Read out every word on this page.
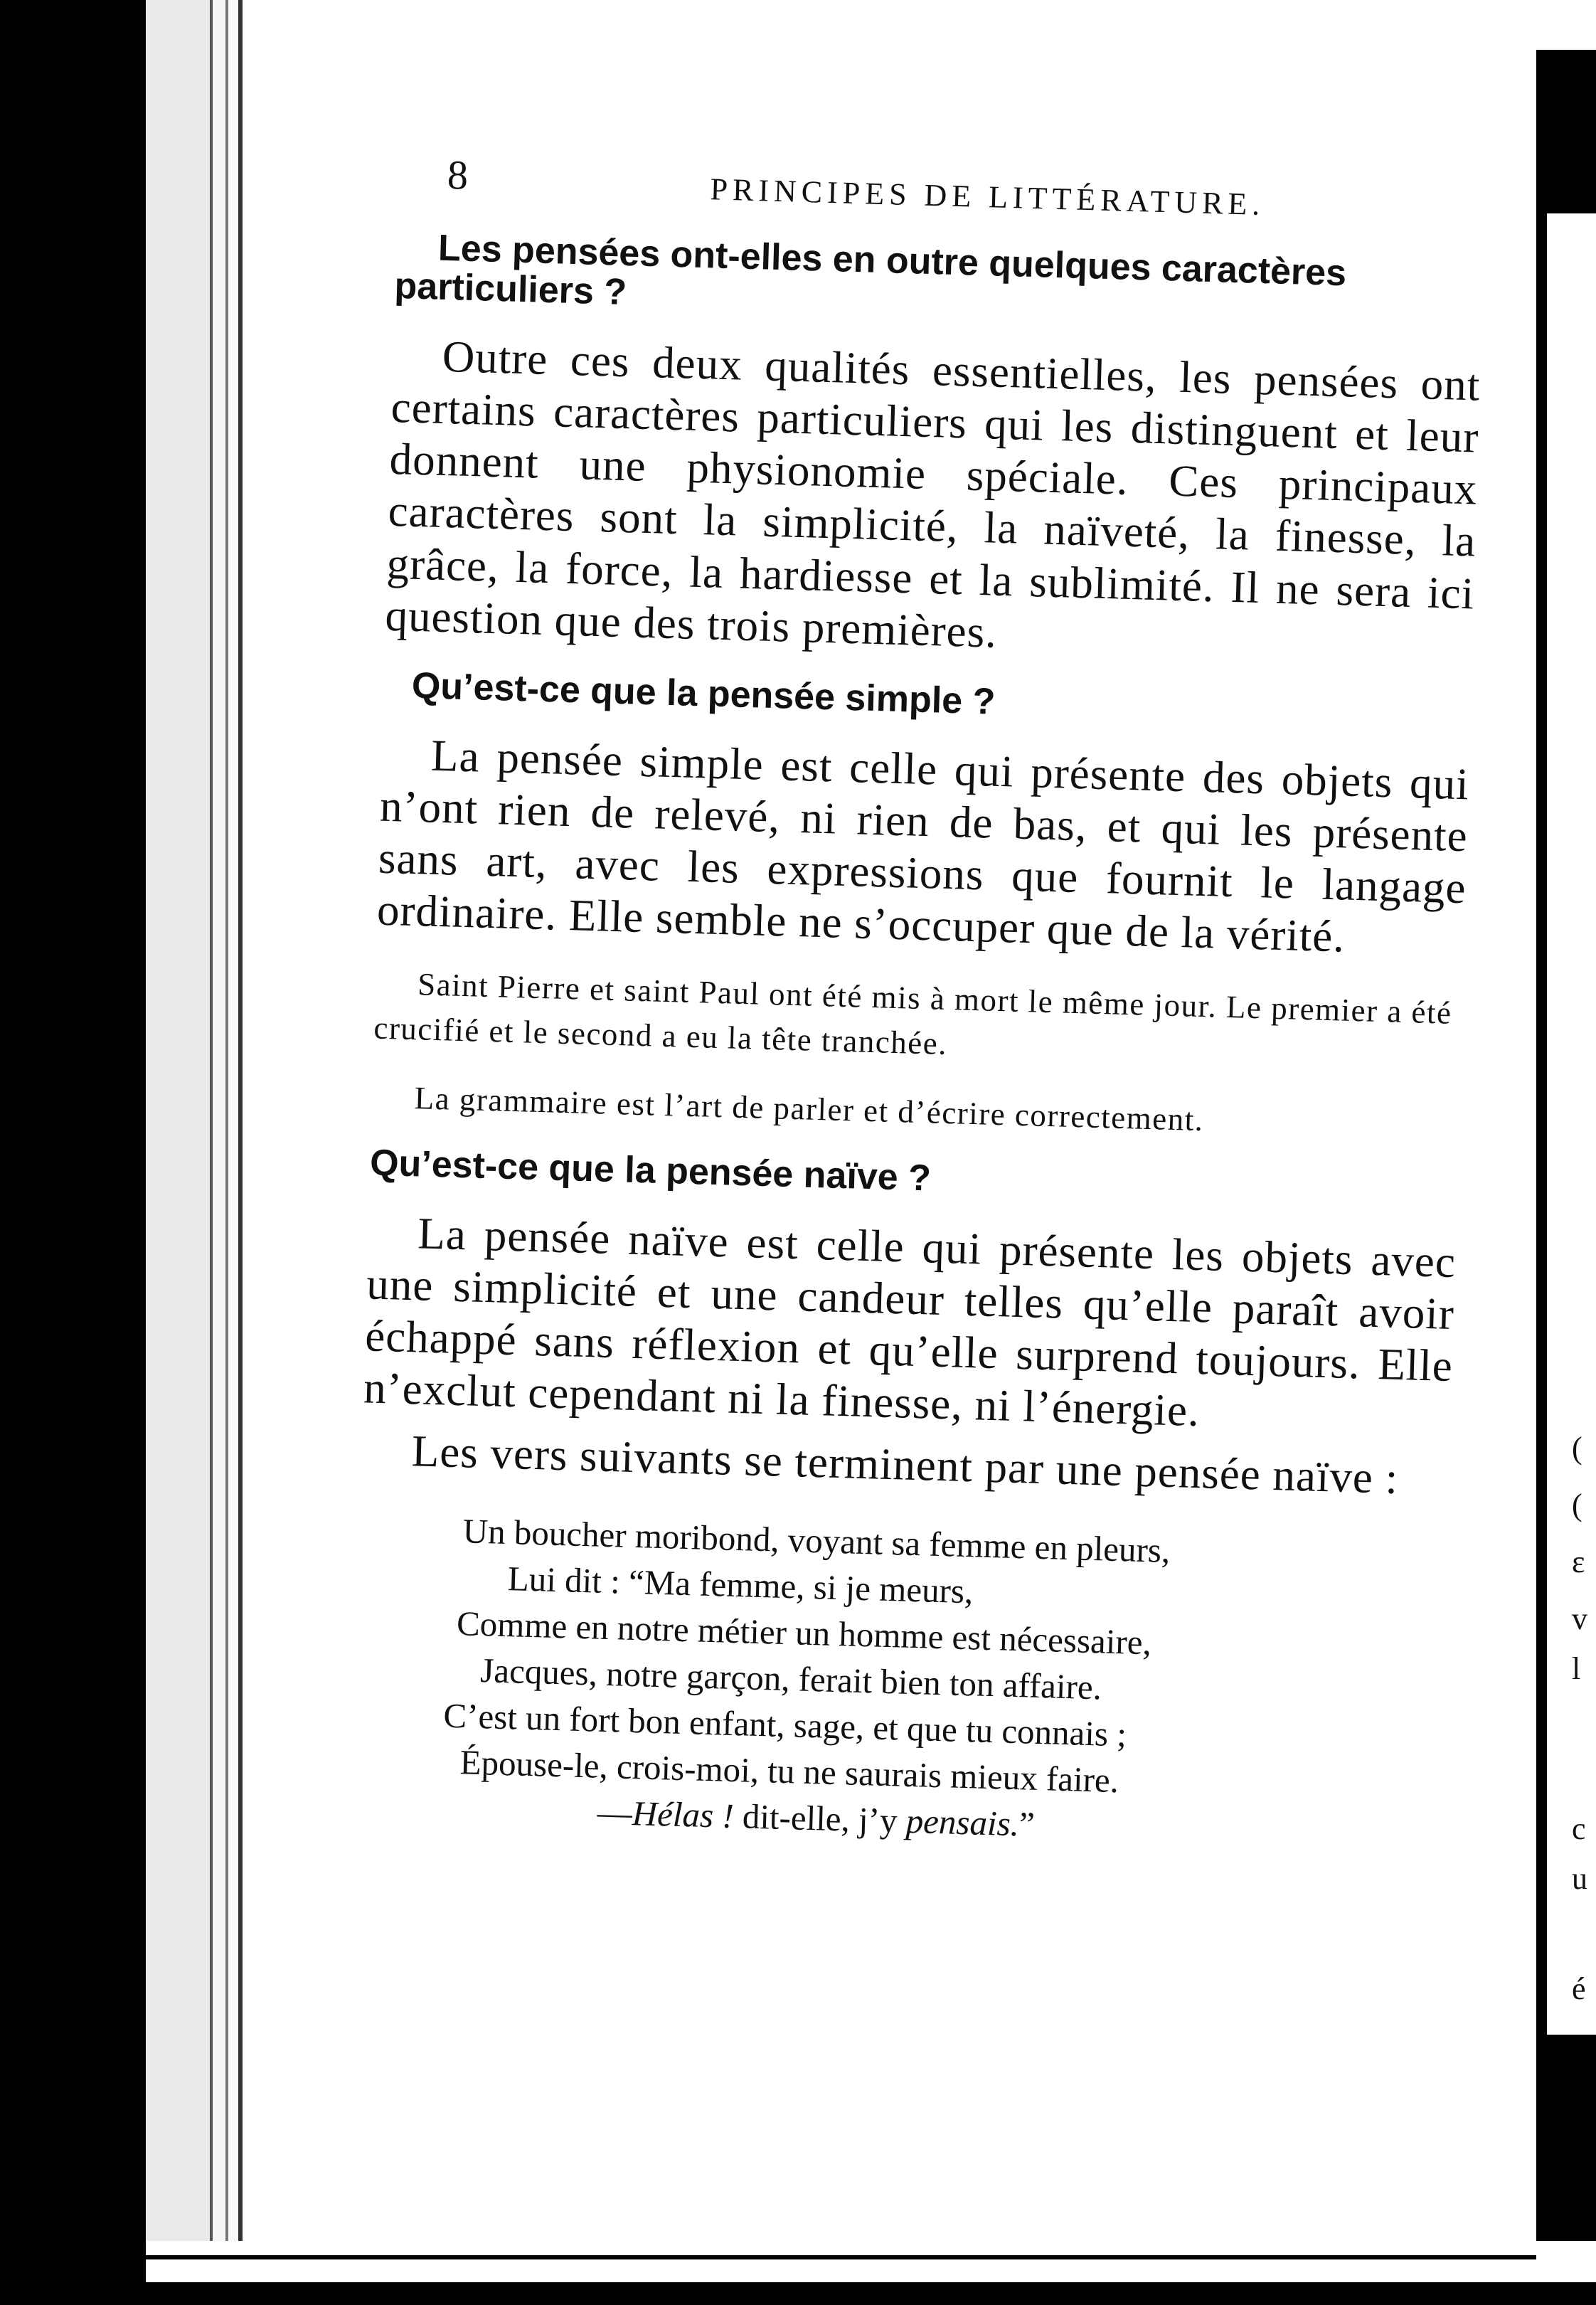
(
(
ε
v
l
c
u
é
8	PRINCIPES DE LITTÉRATURE.
Les pensées ont-elles en outre quelques caractères particuliers ?

Outre ces deux qualités essentielles, les pensées ont certains caractères particuliers qui les distinguent et leur donnent une physionomie spéciale. Ces principaux caractères sont la simplicité, la naïveté, la finesse, la grâce, la force, la hardiesse et la sublimité. Il ne sera ici question que des trois premières.

Qu’est-ce que la pensée simple ?

La pensée simple est celle qui présente des objets qui n’ont rien de relevé, ni rien de bas, et qui les présente sans art, avec les expressions que fournit le langage ordinaire. Elle semble ne s’occuper que de la vérité.

Saint Pierre et saint Paul ont été mis à mort le même jour. Le premier a été crucifié et le second a eu la tête tranchée.

La grammaire est l’art de parler et d’écrire correctement.

Qu’est-ce que la pensée naïve ?

La pensée naïve est celle qui présente les objets avec une simplicité et une candeur telles qu’elle paraît avoir échappé sans réflexion et qu’elle surprend toujours. Elle n’exclut cependant ni la finesse, ni l’énergie.

Les vers suivants se terminent par une pensée naïve :

Un boucher moribond, voyant sa femme en pleurs,
Lui dit : “Ma femme, si je meurs,
Comme en notre métier un homme est nécessaire,
Jacques, notre garçon, ferait bien ton affaire.
C’est un fort bon enfant, sage, et que tu connais ;
Épouse-le, crois-moi, tu ne saurais mieux faire.
—Hélas ! dit-elle, j’y pensais.”
